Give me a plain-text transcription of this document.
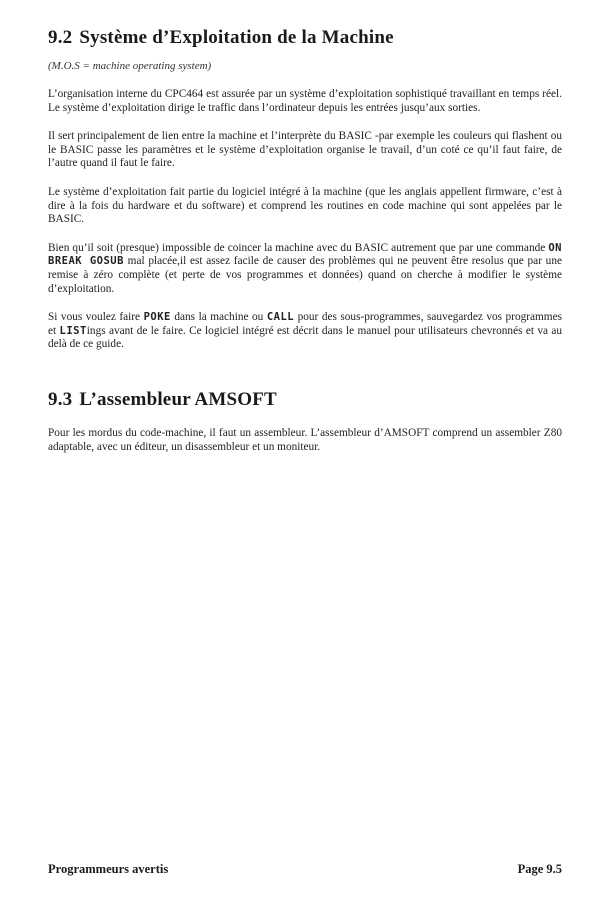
9.2 Système d’Exploitation de la Machine
(M.O.S = machine operating system)

L’organisation interne du CPC464 est assurée par un système d’exploitation sophistiqué travaillant en temps réel. Le système d’exploitation dirige le traffic dans l’ordinateur depuis les entrées jusqu’aux sorties.

Il sert principalement de lien entre la machine et l’interprète du BASIC -par exemple les couleurs qui flashent ou le BASIC passe les paramètres et le système d’exploitation organise le travail, d’un coté ce qu’il faut faire, de l’autre quand il faut le faire.

Le système d’exploitation fait partie du logiciel intégré à la machine (que les anglais appellent firmware, c’est à dire à la fois du hardware et du software) et comprend les routines en code machine qui sont appelées par le BASIC.

Bien qu’il soit (presque) impossible de coincer la machine avec du BASIC autrement que par une commande ON BREAK GOSUB mal placée,il est assez facile de causer des problèmes qui ne peuvent être resolus que par une remise à zéro complète (et perte de vos programmes et données) quand on cherche à modifier le système d’exploitation.

Si vous voulez faire POKE dans la machine ou CALL pour des sous-programmes, sauvegardez vos programmes et LISTings avant de le faire. Ce logiciel intégré est décrit dans le manuel pour utilisateurs chevronnés et va au delà de ce guide.

9.3 L’assembleur AMSOFT

Pour les mordus du code-machine, il faut un assembleur. L’assembleur d’AMSOFT comprend un assembler Z80 adaptable, avec un éditeur, un disassembleur et un moniteur.

Programmeurs avertis	Page 9.5
